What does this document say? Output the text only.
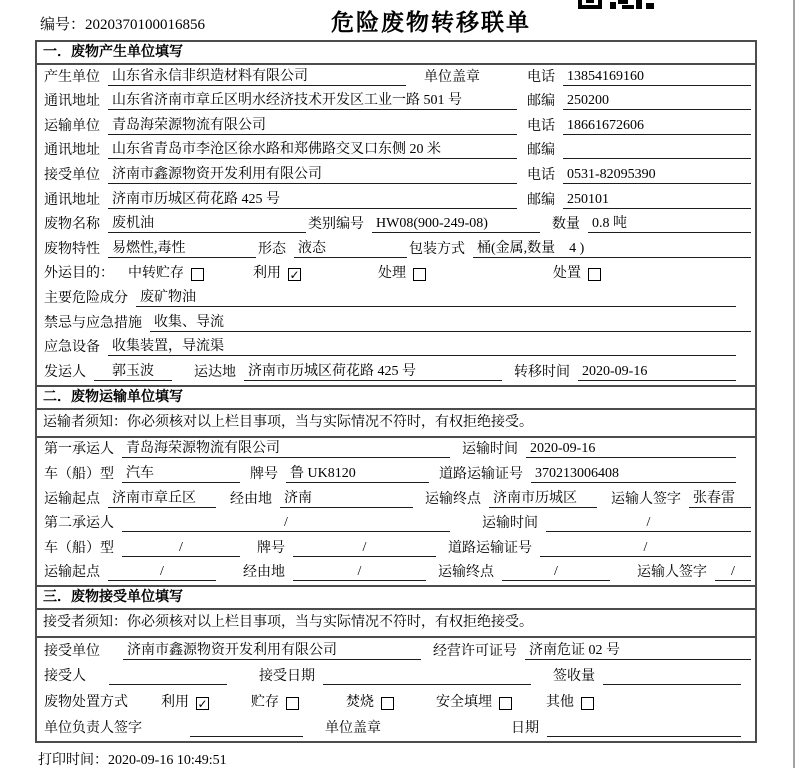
编号：2020370100016856	危险废物转移联单
一．废物产生单位填写
产生单位 山东省永信非织造材料有限公司	单位盖章	电话 13854169160
通讯地址 山东省济南市章丘区明水经济技术开发区工业一路 501 号	邮编 250200
运输单位 青岛海荣源物流有限公司	电话 18661672606
通讯地址 山东省青岛市李沧区徐水路和郑佛路交叉口东侧 20 米	邮编
接受单位 济南市鑫源物资开发利用有限公司	电话 0531-82095390
通讯地址 济南市历城区荷花路 425 号	邮编 250101
废物名称 废机油	类别编号 HW08(900-249-08)	数量 0.8 吨
废物特性 易燃性,毒性	形态 液态	包装方式 桶(金属,数量　4 )
外运目的：	中转贮存	利用 ✓	处理	处置
主要危险成分 废矿物油
禁忌与应急措施 收集、导流
应急设备 收集装置，导流渠
发运人	郭玉波	运达地 济南市历城区荷花路 425 号	转移时间 2020-09-16
二．废物运输单位填写
运输者须知：你必须核对以上栏目事项，当与实际情况不符时，有权拒绝接受。
第一承运人 青岛海荣源物流有限公司	运输时间 2020-09-16
车（船）型 汽车	牌号 鲁 UK8120	道路运输证号 370213006408
运输起点 济南市章丘区	经由地 济南	运输终点 济南市历城区	运输人签字 张春雷
第二承运人	/	运输时间	/
车（船）型	/	牌号	/	道路运输证号	/
运输起点	/	经由地	/	运输终点	/	运输人签字	/
三．废物接受单位填写
接受者须知：你必须核对以上栏目事项，当与实际情况不符时，有权拒绝接受。
接受单位	济南市鑫源物资开发利用有限公司	经营许可证号 济南危证 02 号
接受人	接受日期	签收量
废物处置方式	利用 ✓	贮存	焚烧	安全填埋	其他
单位负责人签字	单位盖章	日期
打印时间：2020-09-16 10:49:51
